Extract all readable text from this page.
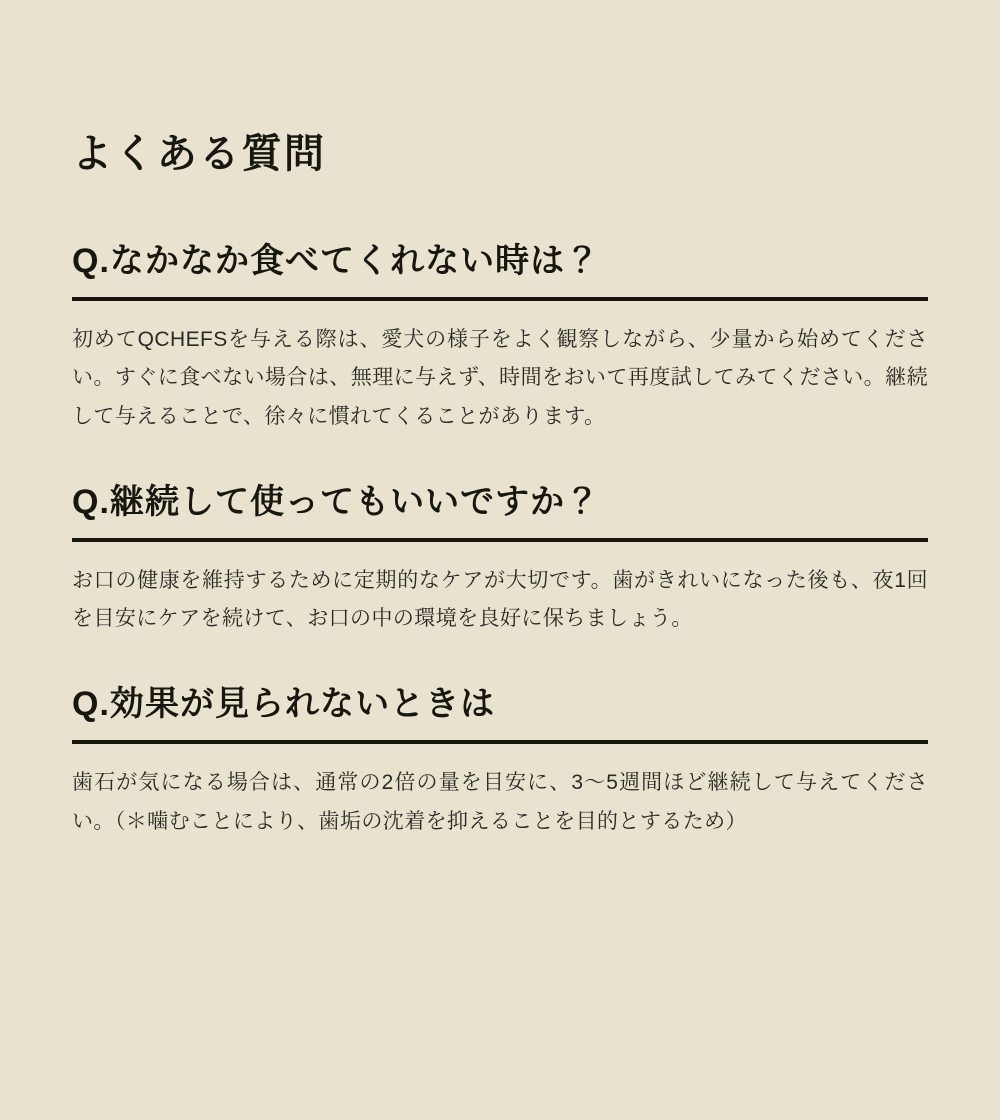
よくある質問
Q.なかなか食べてくれない時は？

初めてQCHEFSを与える際は、愛犬の様子をよく観察しながら、少量から始めてください。すぐに食べない場合は、無理に与えず、時間をおいて再度試してみてください。継続して与えることで、徐々に慣れてくることがあります。

Q.継続して使ってもいいですか？

お口の健康を維持するために定期的なケアが大切です。歯がきれいになった後も、夜1回を目安にケアを続けて、お口の中の環境を良好に保ちましょう。

Q.効果が見られないときは

歯石が気になる場合は、通常の2倍の量を目安に、3〜5週間ほど継続して与えてください。（＊噛むことにより、歯垢の沈着を抑えることを目的とするため）
